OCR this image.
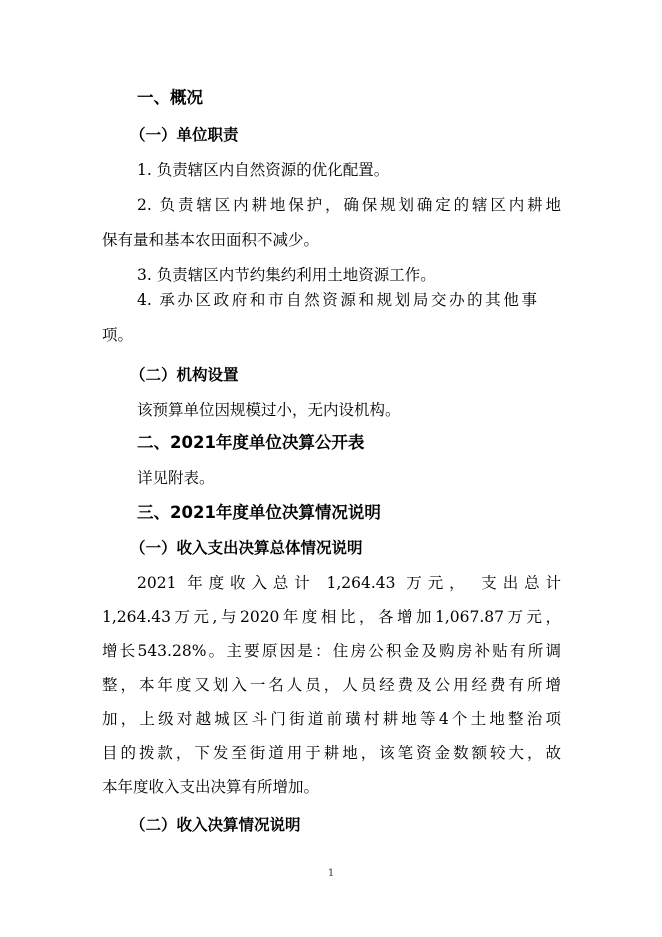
一、概况
（一）单位职责
1. 负责辖区内自然资源的优化配置。
2. 负责辖区内耕地保护，确保规划确定的辖区内耕地
保有量和基本农田面积不减少。
3. 负责辖区内节约集约利用土地资源工作。
4. 承办区政府和市自然资源和规划局交办的其他事
项。
（二）机构设置
该预算单位因规模过小，无内设机构。
二、2021年度单位决算公开表
详见附表。
三、2021年度单位决算情况说明
（一）收入支出决算总体情况说明
2021 年度收入总计 1,264.43 万元， 支出总计
1,264.43万元,与2020年度相比，各增加1,067.87万元，
增长543.28%。主要原因是：住房公积金及购房补贴有所调
整，本年度又划入一名人员，人员经费及公用经费有所增
加，上级对越城区斗门街道前璜村耕地等4个土地整治项
目的拨款，下发至街道用于耕地，该笔资金数额较大，故
本年度收入支出决算有所增加。
（二）收入决算情况说明
1
